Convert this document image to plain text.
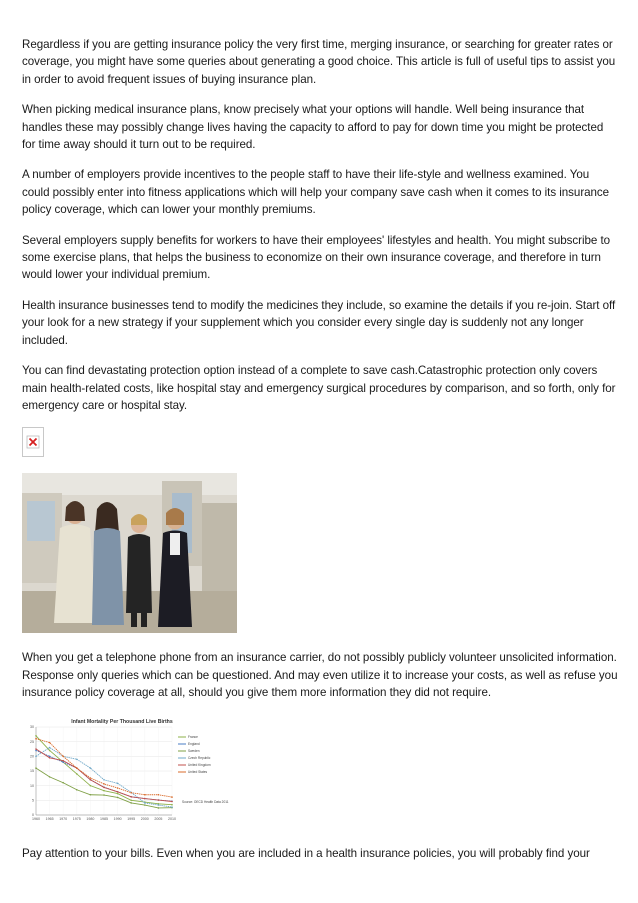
Regardless if you are getting insurance policy the very first time, merging insurance, or searching for greater rates or coverage, you might have some queries about generating a good choice. This article is full of useful tips to assist you in order to avoid frequent issues of buying insurance plan.

When picking medical insurance plans, know precisely what your options will handle. Well being insurance that handles these may possibly change lives having the capacity to afford to pay for down time you might be protected for time away should it turn out to be required.

A number of employers provide incentives to the people staff to have their life-style and wellness examined. You could possibly enter into fitness applications which will help your company save cash when it comes to its insurance policy coverage, which can lower your monthly premiums.

Several employers supply benefits for workers to have their employees' lifestyles and health. You might subscribe to some exercise plans, that helps the business to economize on their own insurance coverage, and therefore in turn would lower your individual premium.

Health insurance businesses tend to modify the medicines they include, so examine the details if you re-join. Start off your look for a new strategy if your supplement which you consider every single day is suddenly not any longer included.

You can find devastating protection option instead of a complete to save cash.Catastrophic protection only covers main health-related costs, like hospital stay and emergency surgical procedures by comparison, and so forth, only for emergency care or hospital stay.

When you get a telephone phone from an insurance carrier, do not possibly publicly volunteer unsolicited information. Response only queries which can be questioned. And may even utilize it to increase your costs, as well as refuse you insurance policy coverage at all, should you give them more information they did not require.

Infant Mortality Per Thousand Live Births
0
5
10
15
20
25
30
1960 1965 1970 1975 1980 1985 1990 1995 2000 2005 2010
France
England
Sweden
Czech Republic
United Kingdom
United States
Source: OECD Health Data 2011

Pay attention to your bills. Even when you are included in a health insurance policies, you will probably find your
